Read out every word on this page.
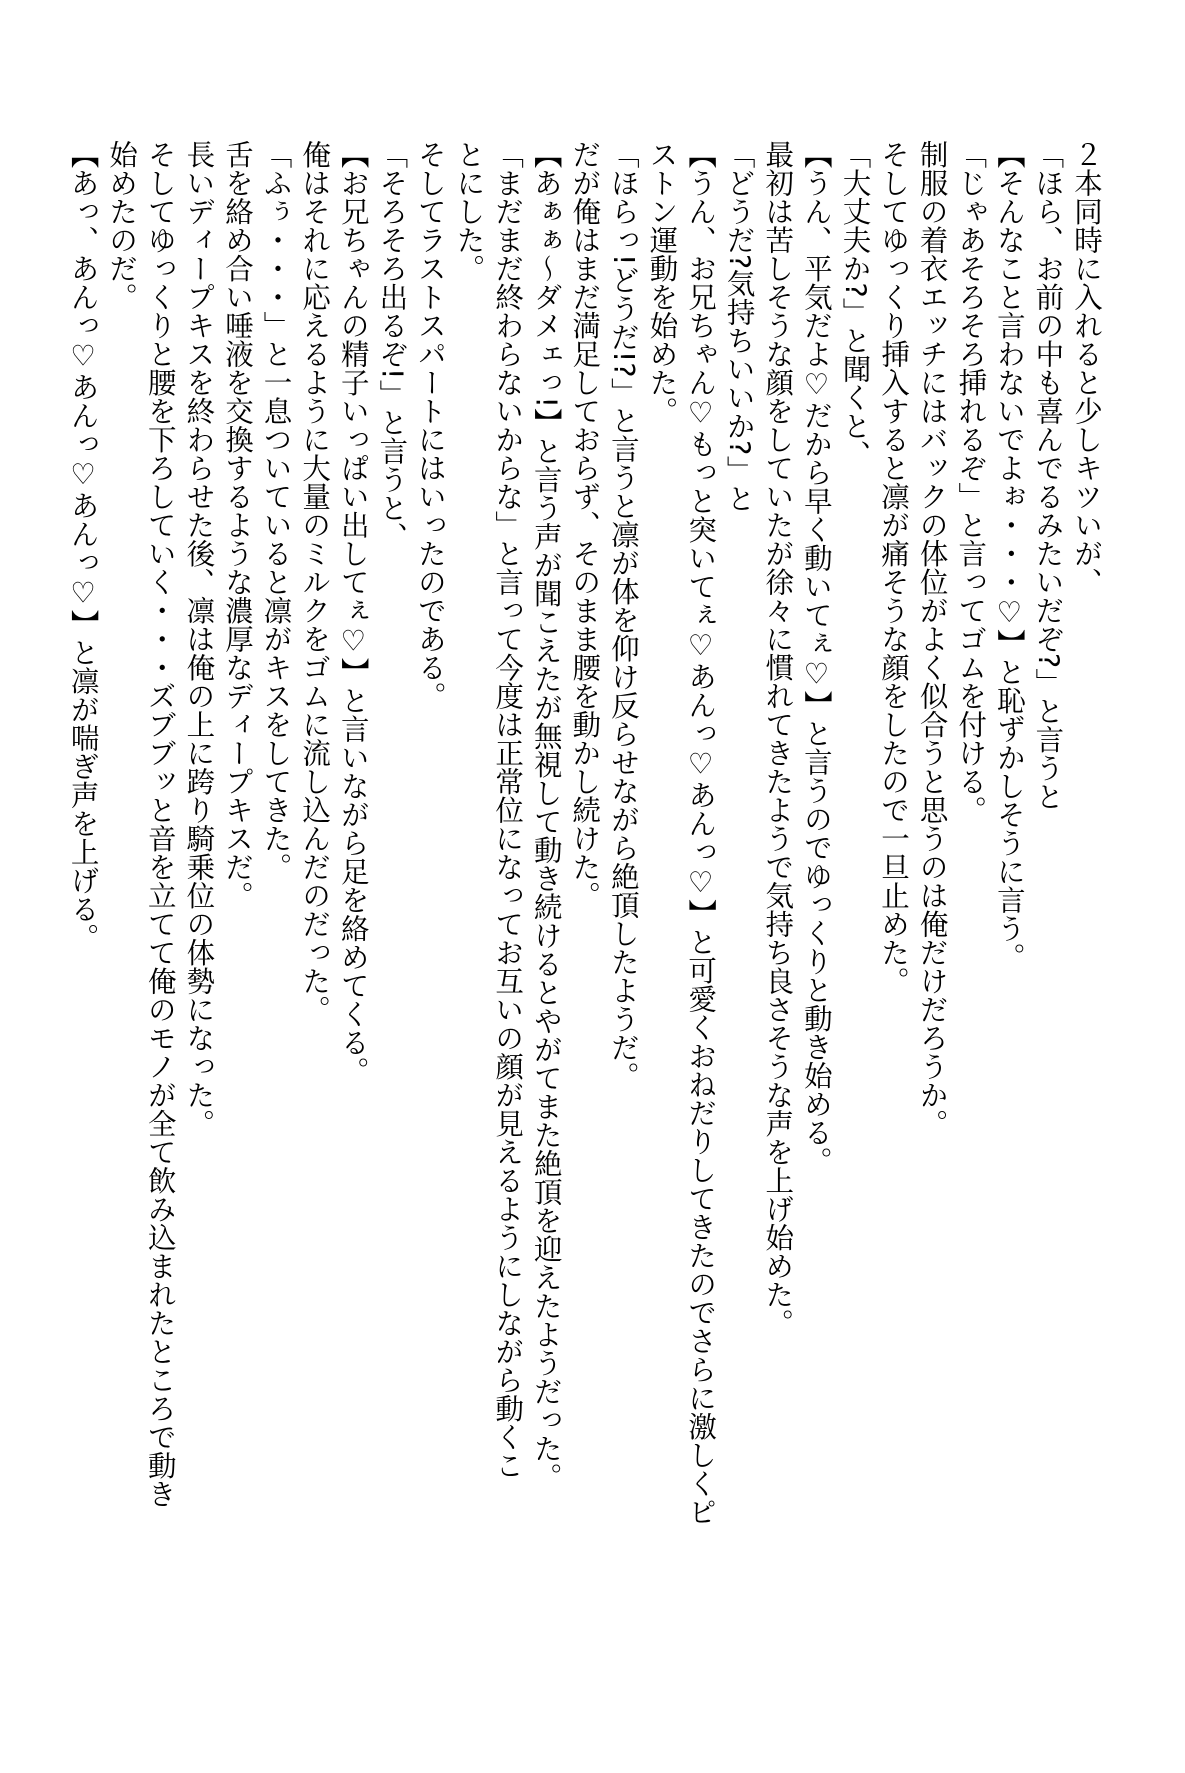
２本同時に入れると少しキツいが、

「ほら、お前の中も喜んでるみたいだぞ?」と言うと

【そんなこと言わないでよぉ・・・♡】と恥ずかしそうに言う。

「じゃあそろそろ挿れるぞ」と言ってゴムを付ける。

制服の着衣エッチにはバックの体位がよく似合うと思うのは俺だけだろうか。

そしてゆっくり挿入すると凛が痛そうな顔をしたので一旦止めた。

「大丈夫か?」と聞くと、

【うん、平気だよ♡だから早く動いてぇ♡】と言うのでゆっくりと動き始める。

最初は苦しそうな顔をしていたが徐々に慣れてきたようで気持ち良さそうな声を上げ始めた。

「どうだ?気持ちいいか?」と

【うん、お兄ちゃん♡もっと突いてぇ♡あんっ♡あんっ♡】と可愛くおねだりしてきたのでさらに激しくピ

ストン運動を始めた。

「ほらっ!どうだ!?」と言うと凛が体を仰け反らせながら絶頂したようだ。

だが俺はまだ満足しておらず、そのまま腰を動かし続けた。

【あぁぁ〜ダメェっ!】と言う声が聞こえたが無視して動き続けるとやがてまた絶頂を迎えたようだった。

「まだまだ終わらないからな」と言って今度は正常位になってお互いの顔が見えるようにしながら動くこ

とにした。

そしてラストスパートにはいったのである。

「そろそろ出るぞ!」と言うと、

【お兄ちゃんの精子いっぱい出してぇ♡】と言いながら足を絡めてくる。

俺はそれに応えるように大量のミルクをゴムに流し込んだのだった。

「ふぅ・・・」と一息ついていると凛がキスをしてきた。

舌を絡め合い唾液を交換するような濃厚なディープキスだ。

長いディープキスを終わらせた後、凛は俺の上に跨り騎乗位の体勢になった。

そしてゆっくりと腰を下ろしていく・・・ズブブッと音を立てて俺のモノが全て飲み込まれたところで動き

始めたのだ。

【あっ、あんっ♡あんっ♡あんっ♡】と凛が喘ぎ声を上げる。
